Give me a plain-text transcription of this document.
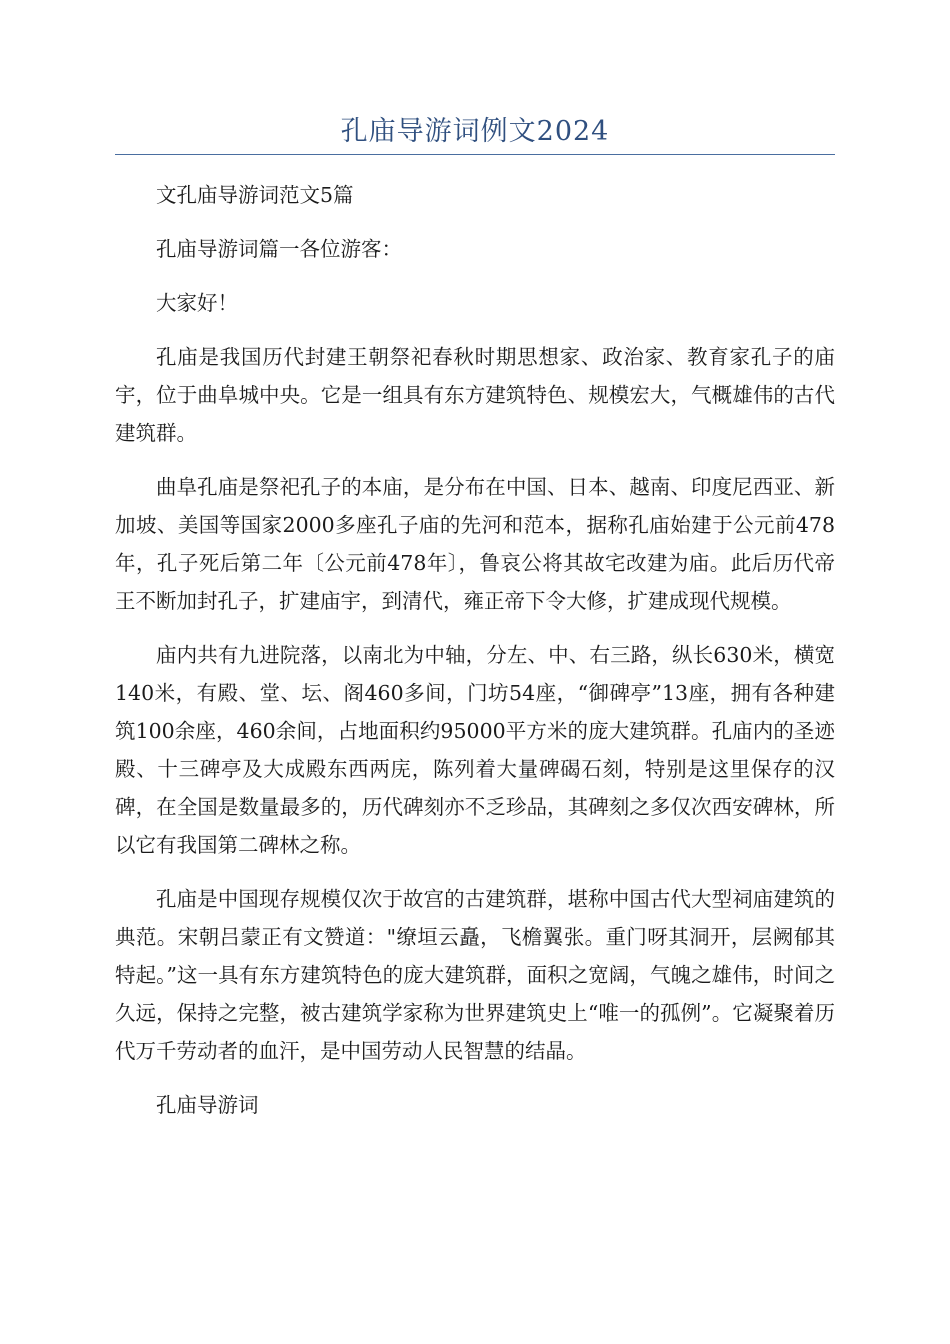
孔庙导游词例文2024

文孔庙导游词范文5篇

孔庙导游词篇一各位游客：

大家好！

孔庙是我国历代封建王朝祭祀春秋时期思想家、政治家、教育家孔子的庙宇，位于曲阜城中央。它是一组具有东方建筑特色、规模宏大，气概雄伟的古代建筑群。

曲阜孔庙是祭祀孔子的本庙，是分布在中国、日本、越南、印度尼西亚、新加坡、美国等国家2000多座孔子庙的先河和范本，据称孔庙始建于公元前478年，孔子死后第二年〔公元前478年〕，鲁哀公将其故宅改建为庙。此后历代帝王不断加封孔子，扩建庙宇，到清代，雍正帝下令大修，扩建成现代规模。

庙内共有九进院落，以南北为中轴，分左、中、右三路，纵长630米，横宽140米，有殿、堂、坛、阁460多间，门坊54座，“御碑亭”13座，拥有各种建筑100余座，460余间，占地面积约95000平方米的庞大建筑群。孔庙内的圣迹殿、十三碑亭及大成殿东西两庑，陈列着大量碑碣石刻，特别是这里保存的汉碑，在全国是数量最多的，历代碑刻亦不乏珍品，其碑刻之多仅次西安碑林，所以它有我国第二碑林之称。

孔庙是中国现存规模仅次于故宫的古建筑群，堪称中国古代大型祠庙建筑的典范。宋朝吕蒙正有文赞道："缭垣云矗，飞檐翼张。重门呀其洞开，层阙郁其特起。”这一具有东方建筑特色的庞大建筑群，面积之宽阔，气魄之雄伟，时间之久远，保持之完整，被古建筑学家称为世界建筑史上“唯一的孤例”。它凝聚着历代万千劳动者的血汗，是中国劳动人民智慧的结晶。

孔庙导游词
